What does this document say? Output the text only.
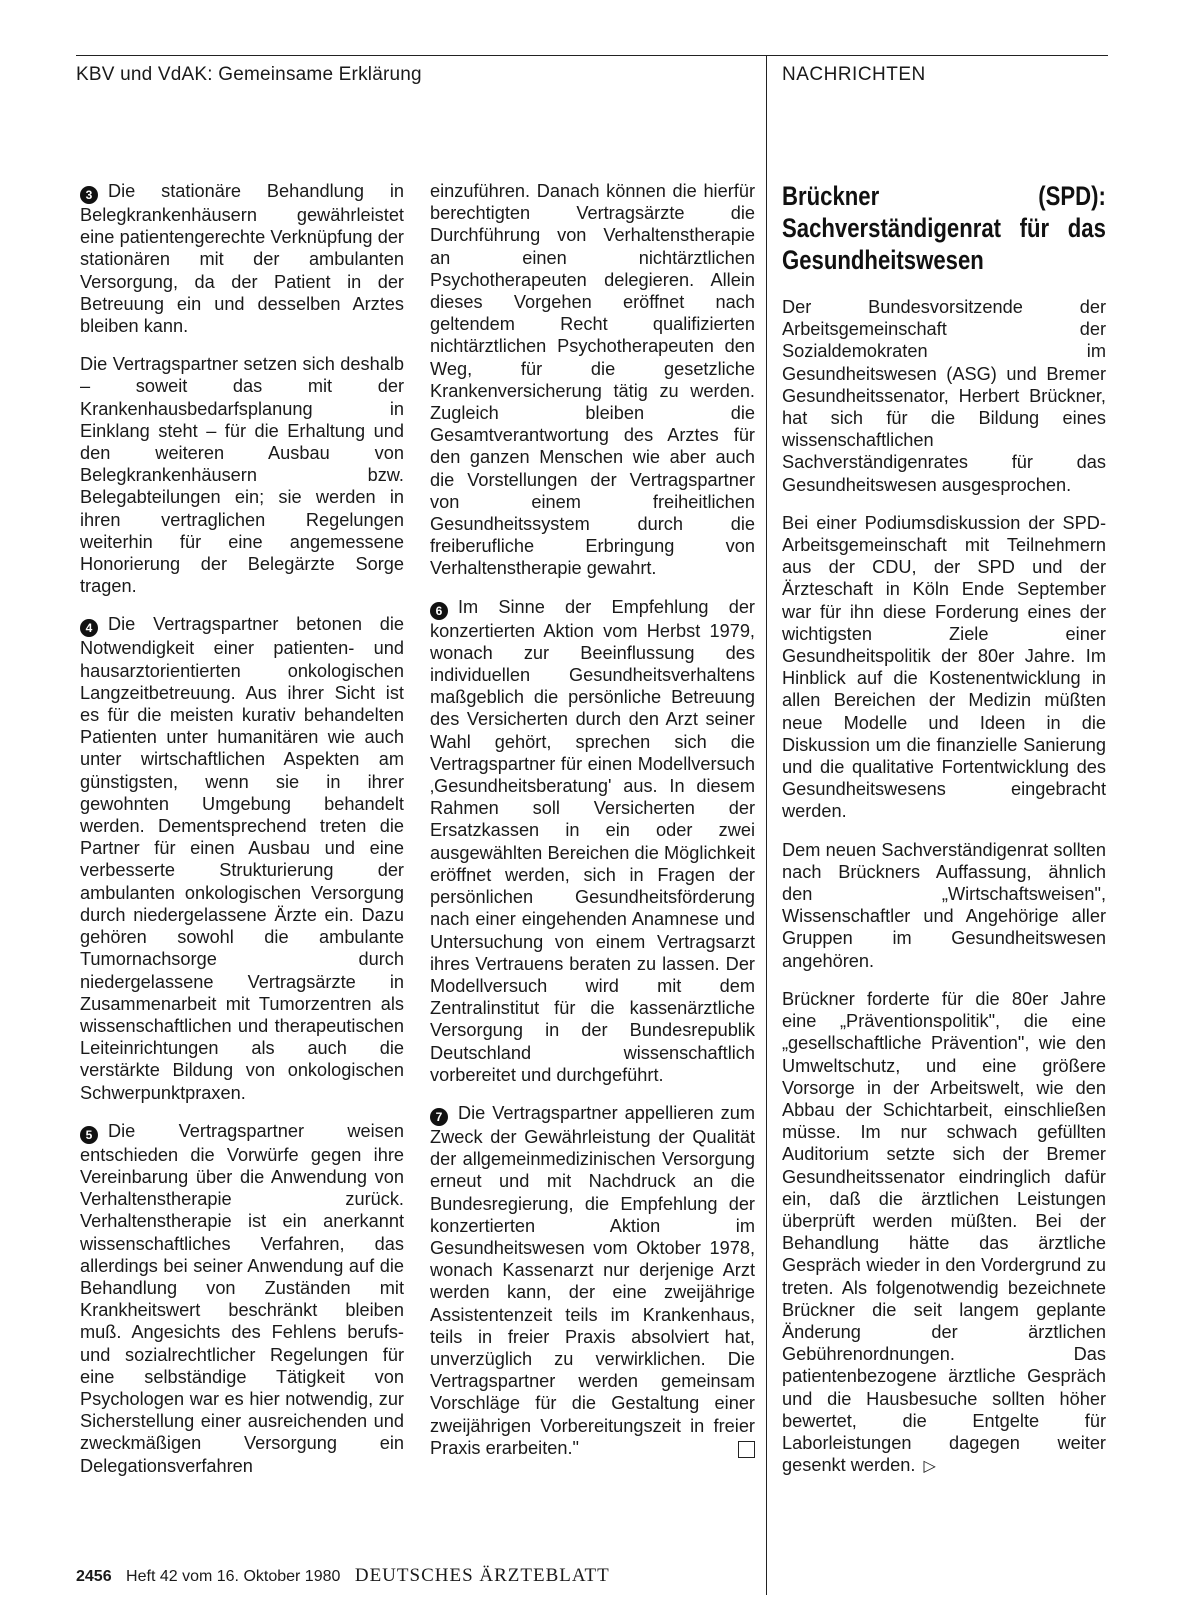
KBV und VdAK: Gemeinsame Erklärung	NACHRICHTEN

3 Die stationäre Behandlung in Belegkrankenhäusern gewährleistet eine patientengerechte Verknüpfung der stationären mit der ambulanten Versorgung, da der Patient in der Betreuung ein und desselben Arztes bleiben kann.

Die Vertragspartner setzen sich deshalb – soweit das mit der Krankenhausbedarfsplanung in Einklang steht – für die Erhaltung und den weiteren Ausbau von Belegkrankenhäusern bzw. Belegabteilungen ein; sie werden in ihren vertraglichen Regelungen weiterhin für eine angemessene Honorierung der Belegärzte Sorge tragen.

4 Die Vertragspartner betonen die Notwendigkeit einer patienten- und hausarztorientierten onkologischen Langzeitbetreuung. Aus ihrer Sicht ist es für die meisten kurativ behandelten Patienten unter humanitären wie auch unter wirtschaftlichen Aspekten am günstigsten, wenn sie in ihrer gewohnten Umgebung behandelt werden. Dementsprechend treten die Partner für einen Ausbau und eine verbesserte Strukturierung der ambulanten onkologischen Versorgung durch niedergelassene Ärzte ein. Dazu gehören sowohl die ambulante Tumornachsorge durch niedergelassene Vertragsärzte in Zusammenarbeit mit Tumorzentren als wissenschaftlichen und therapeutischen Leiteinrichtungen als auch die verstärkte Bildung von onkologischen Schwerpunktpraxen.

5 Die Vertragspartner weisen entschieden die Vorwürfe gegen ihre Vereinbarung über die Anwendung von Verhaltenstherapie zurück. Verhaltenstherapie ist ein anerkannt wissenschaftliches Verfahren, das allerdings bei seiner Anwendung auf die Behandlung von Zuständen mit Krankheitswert beschränkt bleiben muß. Angesichts des Fehlens berufs- und sozialrechtlicher Regelungen für eine selbständige Tätigkeit von Psychologen war es hier notwendig, zur Sicherstellung einer ausreichenden und zweckmäßigen Versorgung ein Delegationsverfahren

einzuführen. Danach können die hierfür berechtigten Vertragsärzte die Durchführung von Verhaltenstherapie an einen nichtärztlichen Psychotherapeuten delegieren. Allein dieses Vorgehen eröffnet nach geltendem Recht qualifizierten nichtärztlichen Psychotherapeuten den Weg, für die gesetzliche Krankenversicherung tätig zu werden. Zugleich bleiben die Gesamtverantwortung des Arztes für den ganzen Menschen wie aber auch die Vorstellungen der Vertragspartner von einem freiheitlichen Gesundheitssystem durch die freiberufliche Erbringung von Verhaltenstherapie gewahrt.

6 Im Sinne der Empfehlung der konzertierten Aktion vom Herbst 1979, wonach zur Beeinflussung des individuellen Gesundheitsverhaltens maßgeblich die persönliche Betreuung des Versicherten durch den Arzt seiner Wahl gehört, sprechen sich die Vertragspartner für einen Modellversuch ‚Gesundheitsberatung' aus. In diesem Rahmen soll Versicherten der Ersatzkassen in ein oder zwei ausgewählten Bereichen die Möglichkeit eröffnet werden, sich in Fragen der persönlichen Gesundheitsförderung nach einer eingehenden Anamnese und Untersuchung von einem Vertragsarzt ihres Vertrauens beraten zu lassen. Der Modellversuch wird mit dem Zentralinstitut für die kassenärztliche Versorgung in der Bundesrepublik Deutschland wissenschaftlich vorbereitet und durchgeführt.

7 Die Vertragspartner appellieren zum Zweck der Gewährleistung der Qualität der allgemeinmedizinischen Versorgung erneut und mit Nachdruck an die Bundesregierung, die Empfehlung der konzertierten Aktion im Gesundheitswesen vom Oktober 1978, wonach Kassenarzt nur derjenige Arzt werden kann, der eine zweijährige Assistentenzeit teils im Krankenhaus, teils in freier Praxis absolviert hat, unverzüglich zu verwirklichen. Die Vertragspartner werden gemeinsam Vorschläge für die Gestaltung einer zweijährigen Vorbereitungszeit in freier Praxis erarbeiten."

Brückner (SPD): Sachverständigenrat für das Gesundheitswesen

Der Bundesvorsitzende der Arbeitsgemeinschaft der Sozialdemokraten im Gesundheitswesen (ASG) und Bremer Gesundheitssenator, Herbert Brückner, hat sich für die Bildung eines wissenschaftlichen Sachverständigenrates für das Gesundheitswesen ausgesprochen.

Bei einer Podiumsdiskussion der SPD-Arbeitsgemeinschaft mit Teilnehmern aus der CDU, der SPD und der Ärzteschaft in Köln Ende September war für ihn diese Forderung eines der wichtigsten Ziele einer Gesundheitspolitik der 80er Jahre. Im Hinblick auf die Kostenentwicklung in allen Bereichen der Medizin müßten neue Modelle und Ideen in die Diskussion um die finanzielle Sanierung und die qualitative Fortentwicklung des Gesundheitswesens eingebracht werden.

Dem neuen Sachverständigenrat sollten nach Brückners Auffassung, ähnlich den „Wirtschaftsweisen", Wissenschaftler und Angehörige aller Gruppen im Gesundheitswesen angehören.

Brückner forderte für die 80er Jahre eine „Präventionspolitik", die eine „gesellschaftliche Prävention", wie den Umweltschutz, und eine größere Vorsorge in der Arbeitswelt, wie den Abbau der Schichtarbeit, einschließen müsse. Im nur schwach gefüllten Auditorium setzte sich der Bremer Gesundheitssenator eindringlich dafür ein, daß die ärztlichen Leistungen überprüft werden müßten. Bei der Behandlung hätte das ärztliche Gespräch wieder in den Vordergrund zu treten. Als folgenotwendig bezeichnete Brückner die seit langem geplante Änderung der ärztlichen Gebührenordnungen. Das patientenbezogene ärztliche Gespräch und die Hausbesuche sollten höher bewertet, die Entgelte für Laborleistungen dagegen weiter gesenkt werden. ▷

2456 Heft 42 vom 16. Oktober 1980 DEUTSCHES ÄRZTEBLATT
